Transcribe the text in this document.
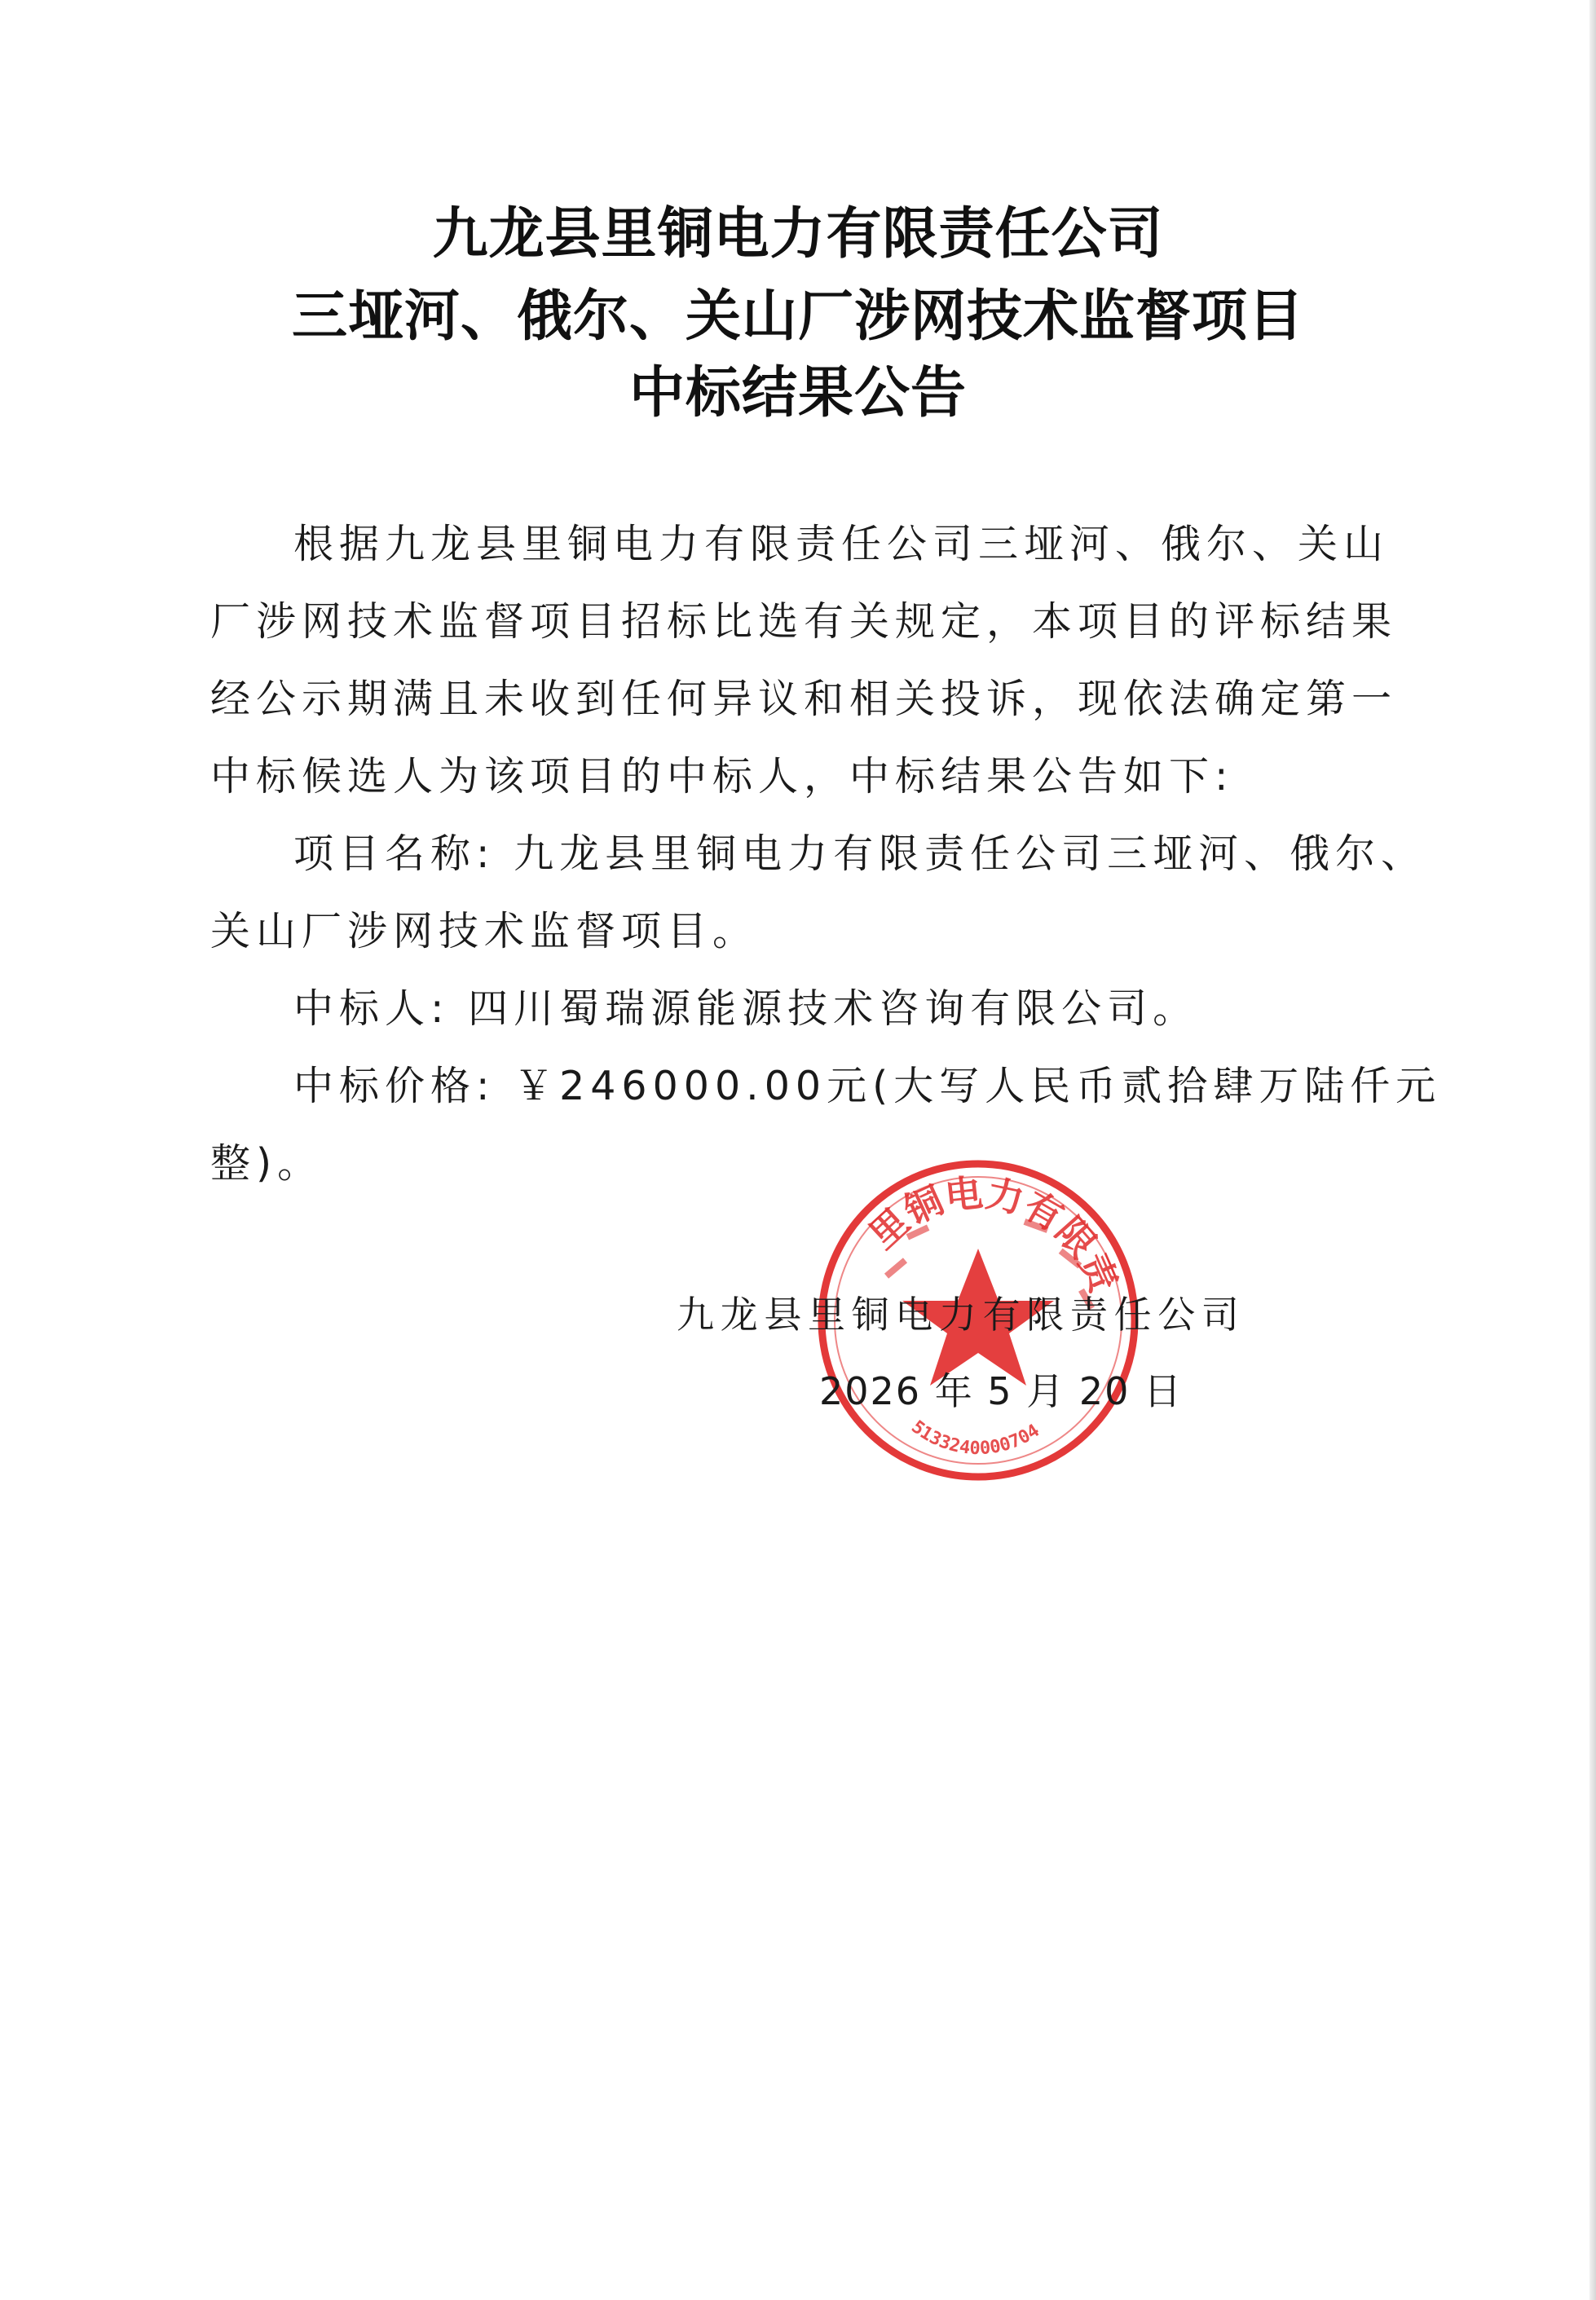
九龙县里铜电力有限责任公司
三垭河、俄尔、关山厂涉网技术监督项目
中标结果公告
根据九龙县里铜电力有限责任公司三垭河、俄尔、关山
厂涉网技术监督项目招标比选有关规定，本项目的评标结果
经公示期满且未收到任何异议和相关投诉，现依法确定第一
中标候选人为该项目的中标人，中标结果公告如下:
项目名称: 九龙县里铜电力有限责任公司三垭河、俄尔、
关山厂涉网技术监督项目。
中标人: 四川蜀瑞源能源技术咨询有限公司。
中标价格: ￥246000.00元(大写人民币贰拾肆万陆仟元
整)。
里铜电力有限责
5133240000704
九 龙 县 里 铜 电 力 有 限 责 任 公 司
2026 年 5 月 20 日
